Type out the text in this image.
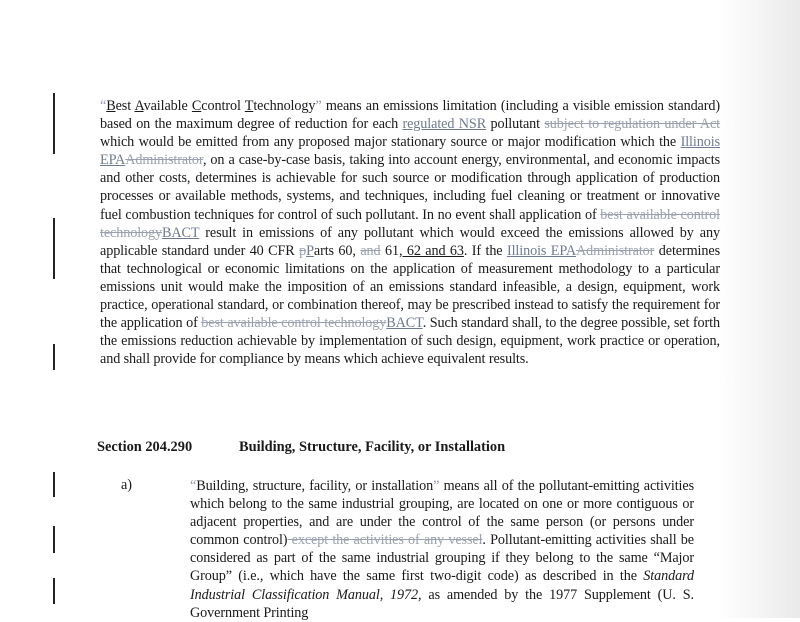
“Best Available Ccontrol Ttechnology” means an emissions limitation (including a visible emission standard) based on the maximum degree of reduction for each regulated NSR pollutant subject to regulation under Act which would be emitted from any proposed major stationary source or major modification which the Illinois EPAAdministrator, on a case-by-case basis, taking into account energy, environmental, and economic impacts and other costs, determines is achievable for such source or modification through application of production processes or available methods, systems, and techniques, including fuel cleaning or treatment or innovative fuel combustion techniques for control of such pollutant. In no event shall application of best available control technologyBACT result in emissions of any pollutant which would exceed the emissions allowed by any applicable standard under 40 CFR pParts 60, and 61, 62 and 63. If the Illinois EPAAdministrator determines that technological or economic limitations on the application of measurement methodology to a particular emissions unit would make the imposition of an emissions standard infeasible, a design, equipment, work practice, operational standard, or combination thereof, may be prescribed instead to satisfy the requirement for the application of best available control technologyBACT. Such standard shall, to the degree possible, set forth the emissions reduction achievable by implementation of such design, equipment, work practice or operation, and shall provide for compliance by means which achieve equivalent results.

Section 204.290	Building, Structure, Facility, or Installation

a)	“Building, structure, facility, or installation” means all of the pollutant-emitting activities which belong to the same industrial grouping, are located on one or more contiguous or adjacent properties, and are under the control of the same person (or persons under common control) except the activities of any vessel. Pollutant-emitting activities shall be considered as part of the same industrial grouping if they belong to the same “Major Group” (i.e., which have the same first two-digit code) as described in the Standard Industrial Classification Manual, 1972, as amended by the 1977 Supplement (U. S. Government Printing
